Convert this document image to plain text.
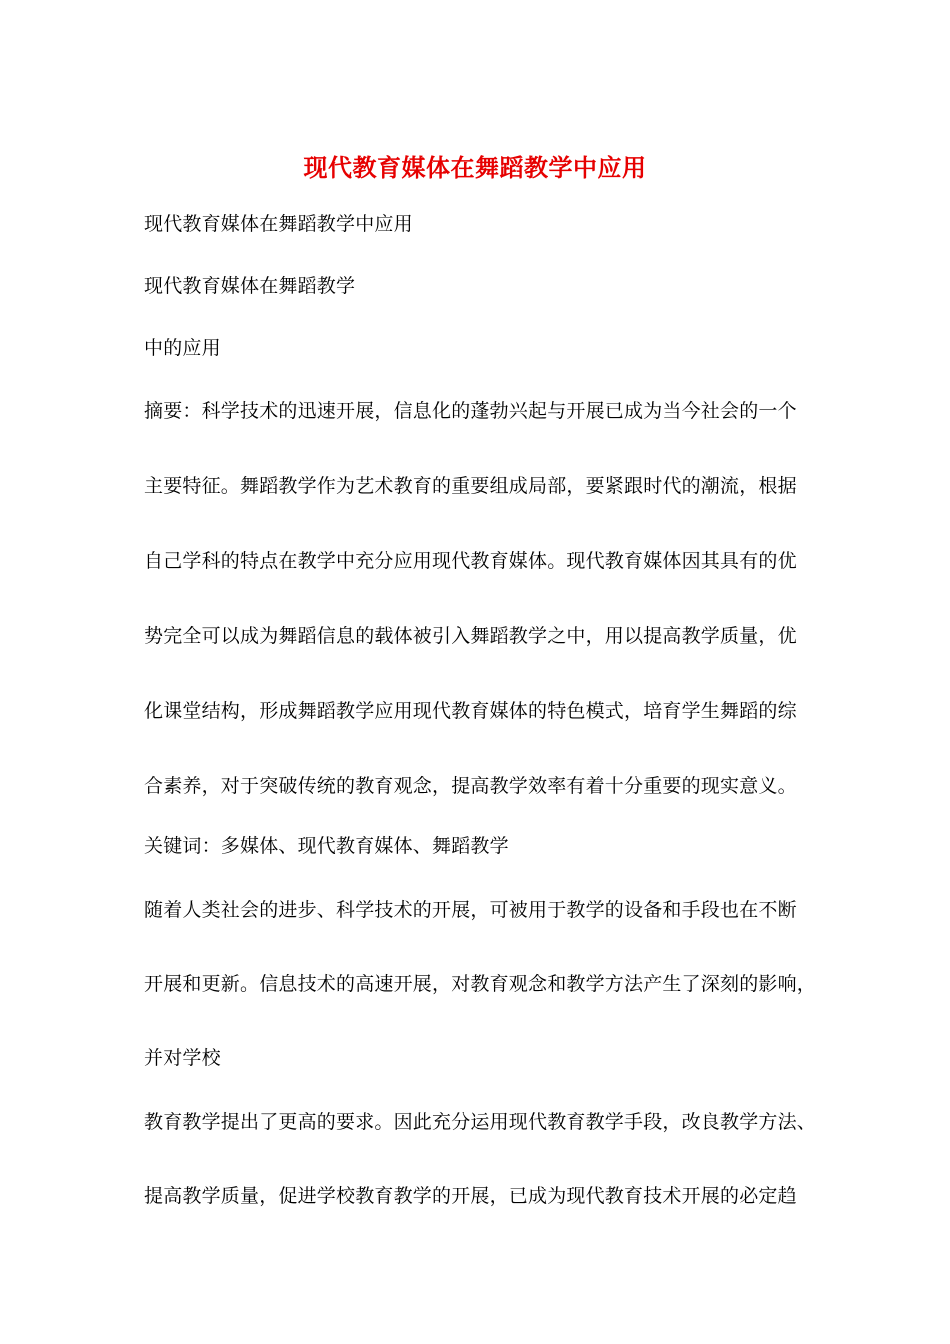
现代教育媒体在舞蹈教学中应用
现代教育媒体在舞蹈教学中应用
现代教育媒体在舞蹈教学
中的应用
摘要：科学技术的迅速开展，信息化的蓬勃兴起与开展已成为当今社会的一个
主要特征。舞蹈教学作为艺术教育的重要组成局部，要紧跟时代的潮流，根据
自己学科的特点在教学中充分应用现代教育媒体。现代教育媒体因其具有的优
势完全可以成为舞蹈信息的载体被引入舞蹈教学之中，用以提高教学质量，优
化课堂结构，形成舞蹈教学应用现代教育媒体的特色模式，培育学生舞蹈的综
合素养，对于突破传统的教育观念，提高教学效率有着十分重要的现实意义。
关键词：多媒体、现代教育媒体、舞蹈教学
随着人类社会的进步、科学技术的开展，可被用于教学的设备和手段也在不断
开展和更新。信息技术的高速开展，对教育观念和教学方法产生了深刻的影响，
并对学校
教育教学提出了更高的要求。因此充分运用现代教育教学手段，改良教学方法、
提高教学质量，促进学校教育教学的开展，已成为现代教育技术开展的必定趋
